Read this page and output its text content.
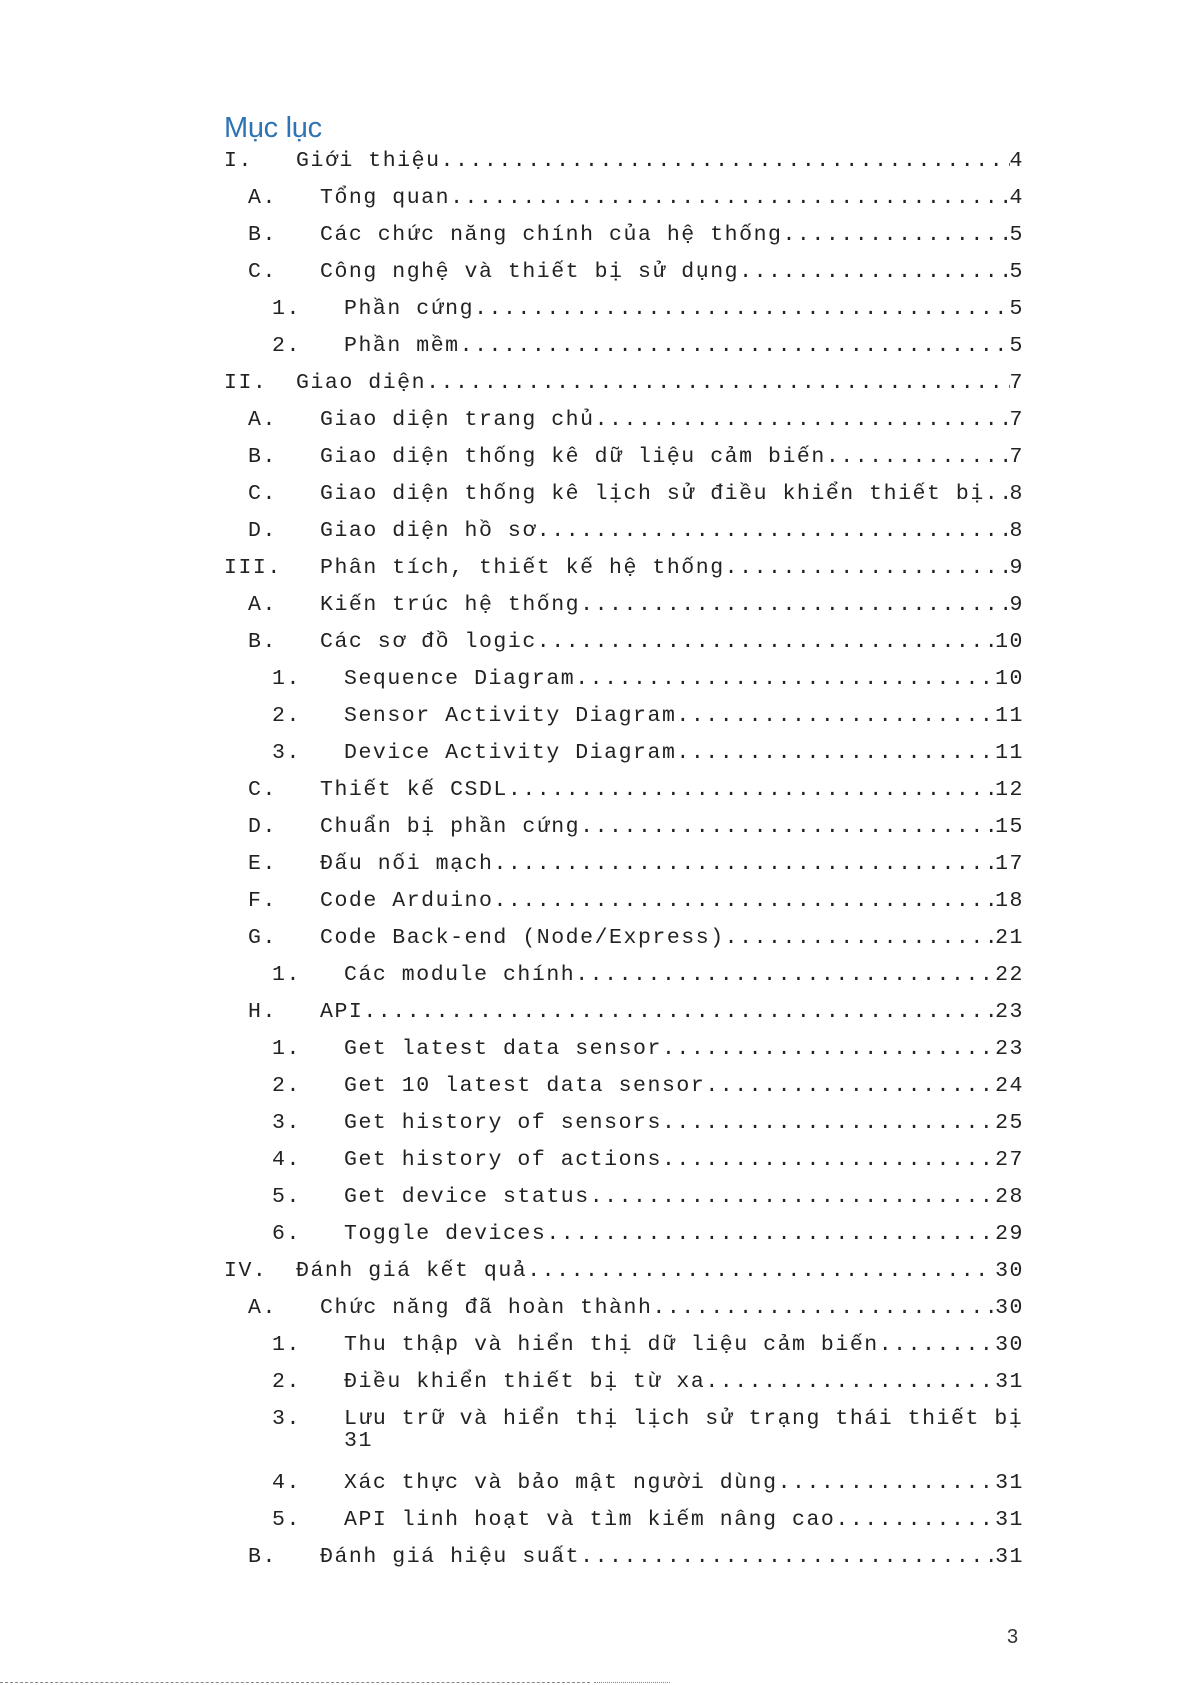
Mục lục
I. Giới thiệu .....	4
A. Tổng quan .....	4
B. Các chức năng chính của hệ thống .....	5
C. Công nghệ và thiết bị sử dụng .....	5
1. Phần cứng .....	5
2. Phần mềm .....	5
II. Giao diện .....	7
A. Giao diện trang chủ .....	7
B. Giao diện thống kê dữ liệu cảm biến .....	7
C. Giao diện thống kê lịch sử điều khiển thiết bị ..... 8
D. Giao diện hồ sơ .....	8
III. Phân tích, thiết kế hệ thống .....	9
A. Kiến trúc hệ thống .....	9
B. Các sơ đồ logic .....	10
1. Sequence Diagram .....	10
2. Sensor Activity Diagram .....	11
3. Device Activity Diagram .....	11
C. Thiết kế CSDL .....	12
D. Chuẩn bị phần cứng .....	15
E. Đấu nối mạch .....	17
F. Code Arduino .....	18
G. Code Back-end (Node/Express) .....	21
1. Các module chính .....	22
H. API .....	23
1. Get latest data sensor .....	23
2. Get 10 latest data sensor .....	24
3. Get history of sensors .....	25
4. Get history of actions .....	27
5. Get device status .....	28
6. Toggle devices .....	29
IV. Đánh giá kết quả .....	30
A. Chức năng đã hoàn thành .....	30
1. Thu thập và hiển thị dữ liệu cảm biến .....	30
2. Điều khiển thiết bị từ xa .....	31
3. Lưu trữ và hiển thị lịch sử trạng thái thiết bị
31
4. Xác thực và bảo mật người dùng .....	31
5. API linh hoạt và tìm kiếm nâng cao .....	31
B. Đánh giá hiệu suất .....	31
3
